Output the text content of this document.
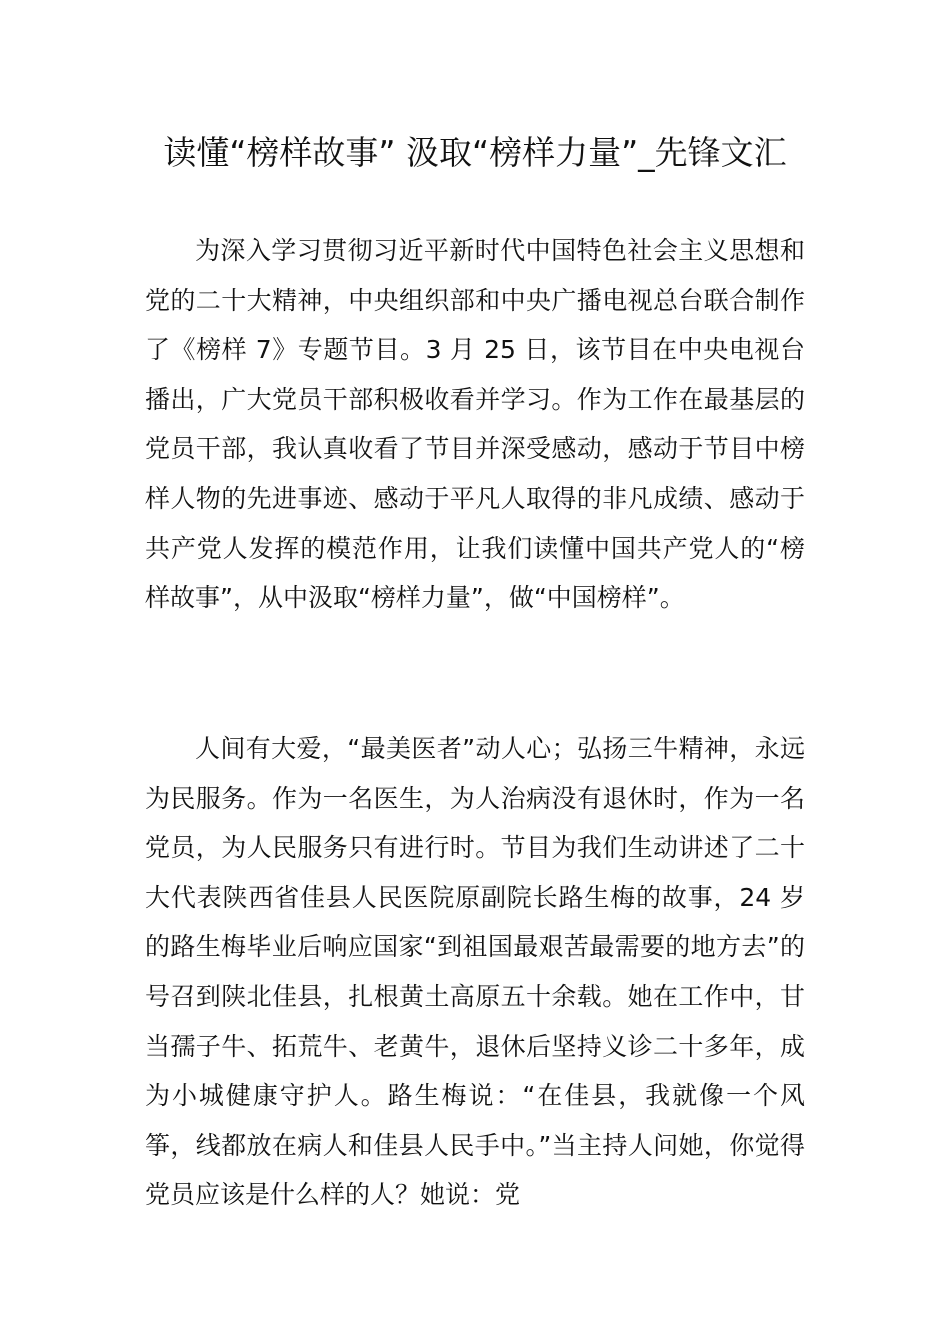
读懂“榜样故事” 汲取“榜样力量”_先锋文汇

为深入学习贯彻习近平新时代中国特色社会主义思想和党的二十大精神，中央组织部和中央广播电视总台联合制作了《榜样 7》专题节目。3 月 25 日，该节目在中央电视台播出，广大党员干部积极收看并学习。作为工作在最基层的党员干部，我认真收看了节目并深受感动，感动于节目中榜样人物的先进事迹、感动于平凡人取得的非凡成绩、感动于共产党人发挥的模范作用，让我们读懂中国共产党人的“榜样故事”，从中汲取“榜样力量”，做“中国榜样”。

人间有大爱，“最美医者”动人心；弘扬三牛精神，永远为民服务。作为一名医生，为人治病没有退休时，作为一名党员，为人民服务只有进行时。节目为我们生动讲述了二十大代表陕西省佳县人民医院原副院长路生梅的故事，24 岁的路生梅毕业后响应国家“到祖国最艰苦最需要的地方去”的号召到陕北佳县，扎根黄土高原五十余载。她在工作中，甘当孺子牛、拓荒牛、老黄牛，退休后坚持义诊二十多年，成为小城健康守护人。路生梅说：“在佳县，我就像一个风筝，线都放在病人和佳县人民手中。”当主持人问她，你觉得党员应该是什么样的人？她说：党
